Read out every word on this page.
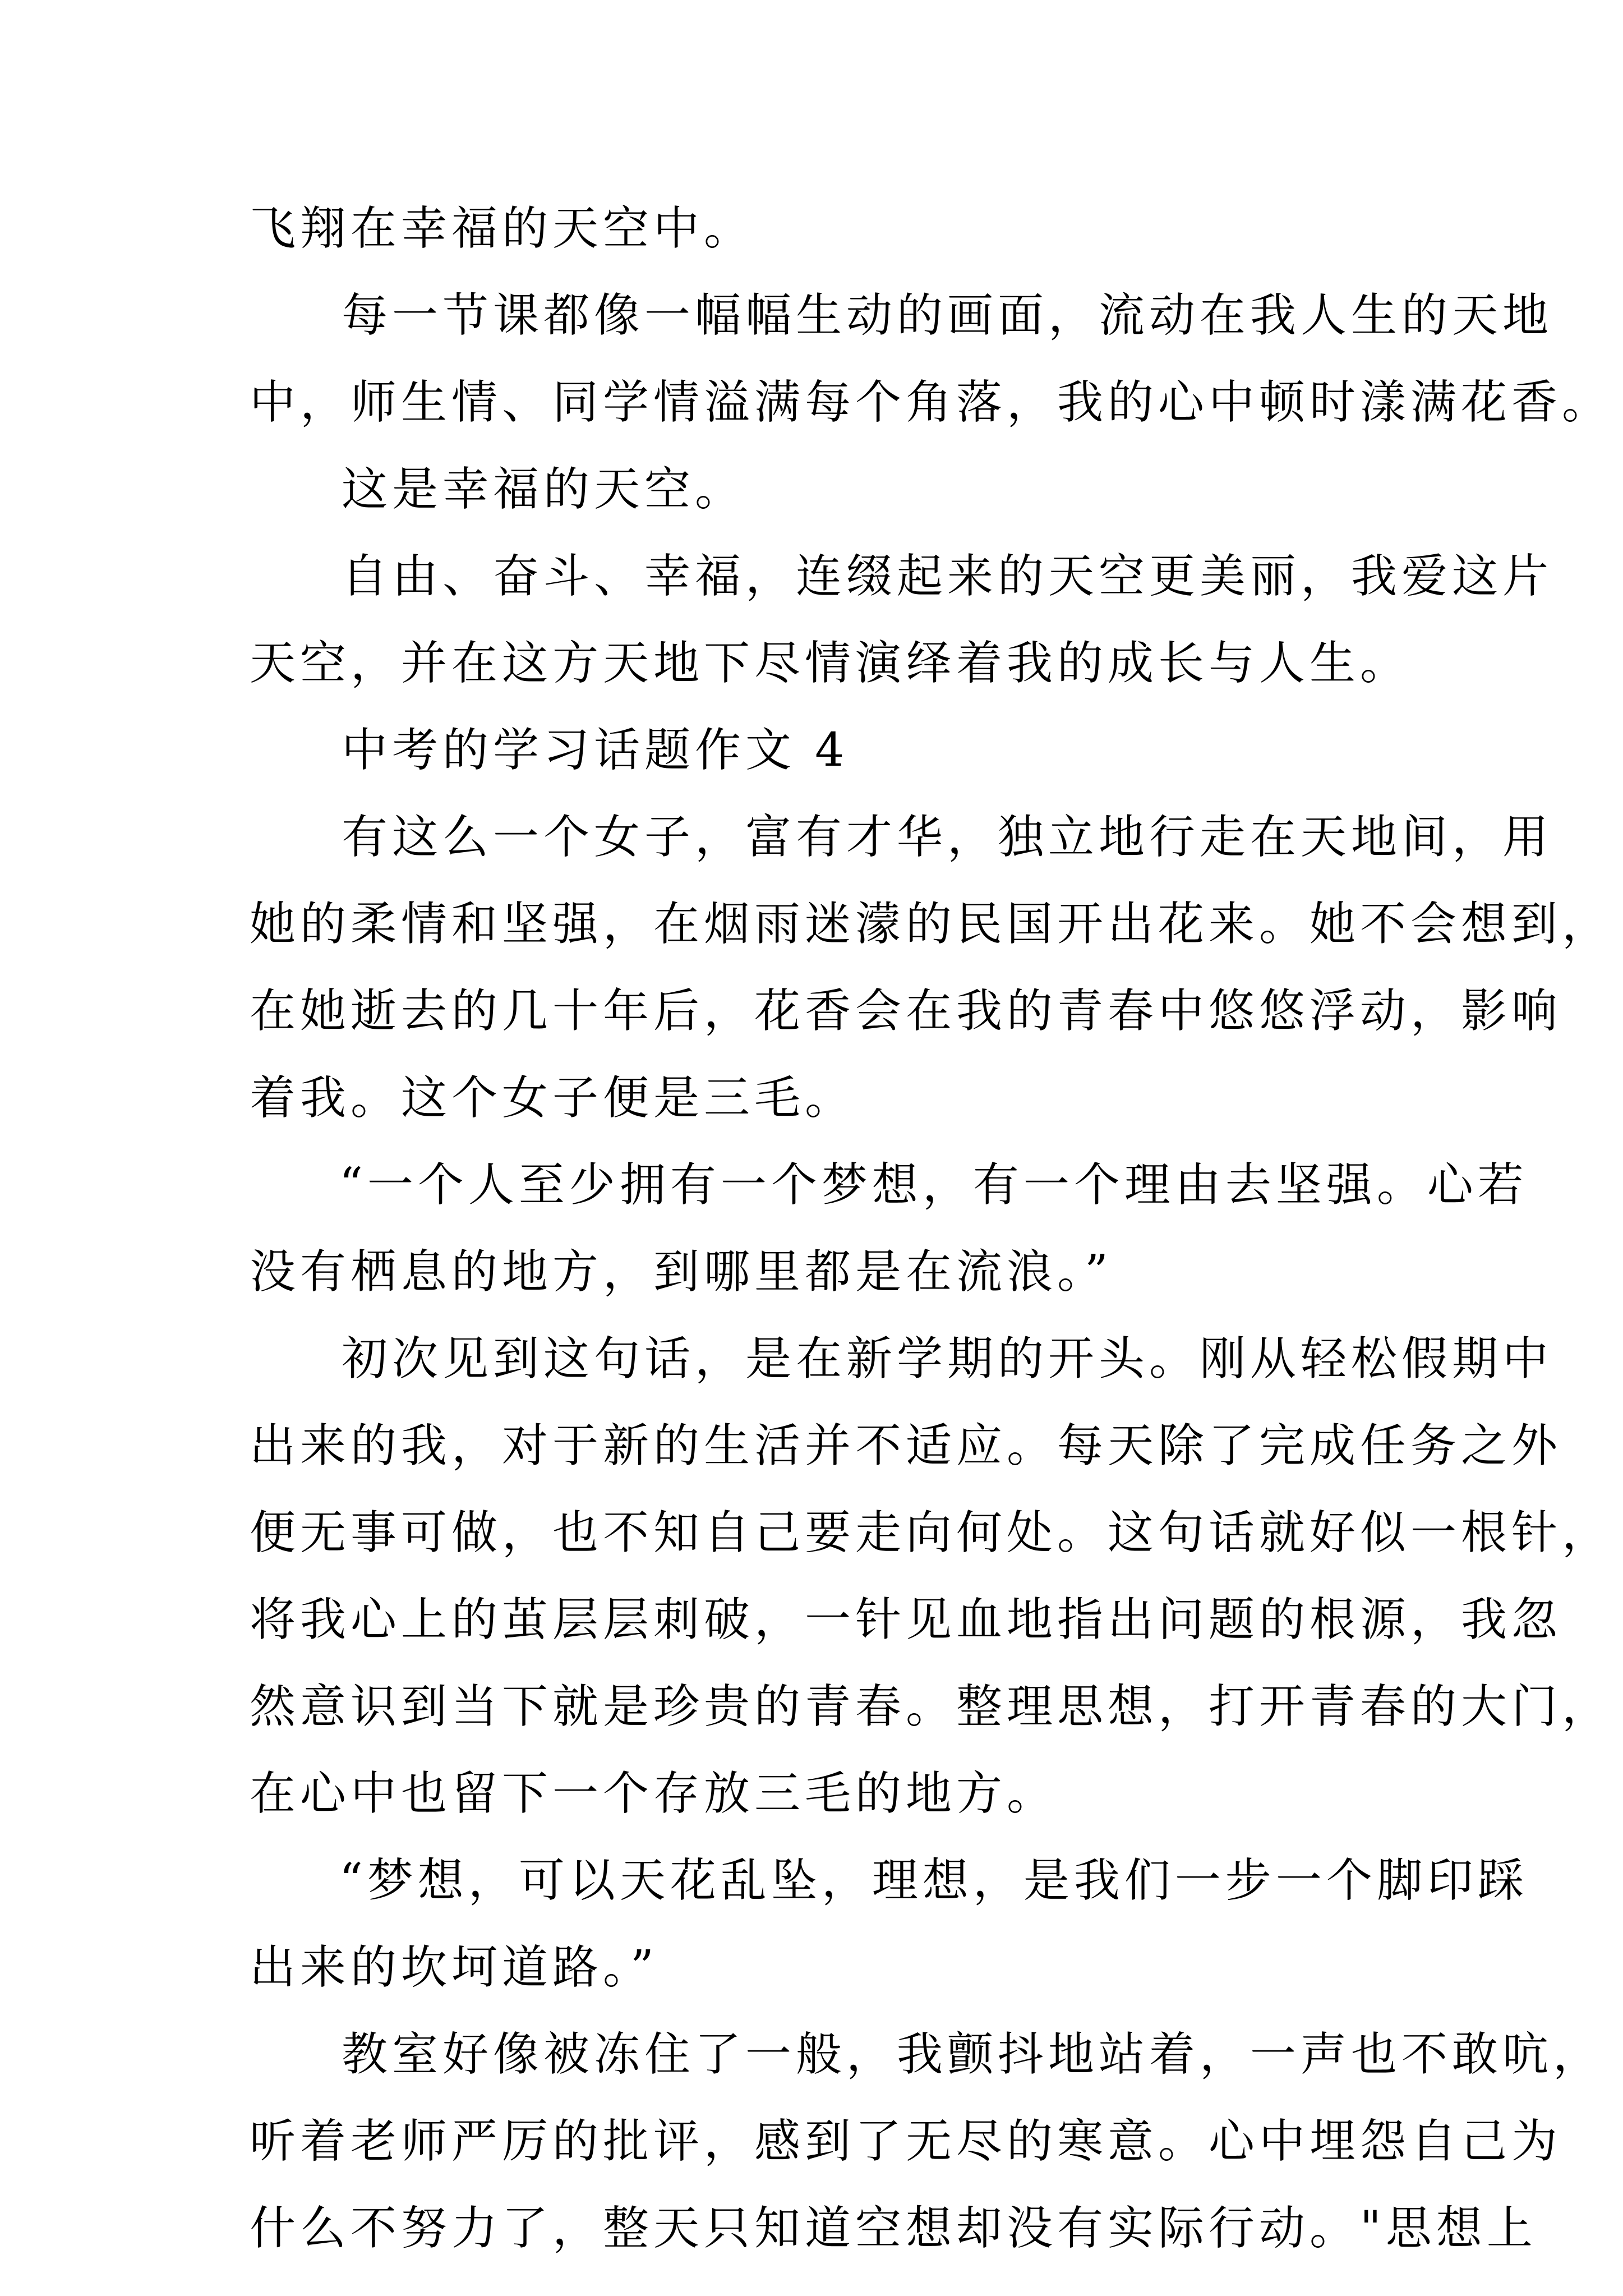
飞翔在幸福的天空中。
每一节课都像一幅幅生动的画面，流动在我人生的天地
中，师生情、同学情溢满每个角落，我的心中顿时漾满花香。
这是幸福的天空。
自由、奋斗、幸福，连缀起来的天空更美丽，我爱这片
天空，并在这方天地下尽情演绎着我的成长与人生。
中考的学习话题作文 4
有这么一个女子，富有才华，独立地行走在天地间，用
她的柔情和坚强，在烟雨迷濛的民国开出花来。她不会想到，
在她逝去的几十年后，花香会在我的青春中悠悠浮动，影响
着我。这个女子便是三毛。
“一个人至少拥有一个梦想，有一个理由去坚强。心若
没有栖息的地方，到哪里都是在流浪。”
初次见到这句话，是在新学期的开头。刚从轻松假期中
出来的我，对于新的生活并不适应。每天除了完成任务之外
便无事可做，也不知自己要走向何处。这句话就好似一根针，
将我心上的茧层层刺破，一针见血地指出问题的根源，我忽
然意识到当下就是珍贵的青春。整理思想，打开青春的大门，
在心中也留下一个存放三毛的地方。
“梦想，可以天花乱坠，理想，是我们一步一个脚印踩
出来的坎坷道路。”
教室好像被冻住了一般，我颤抖地站着，一声也不敢吭，
听着老师严厉的批评，感到了无尽的寒意。心中埋怨自己为
什么不努力了，整天只知道空想却没有实际行动。"思想上
